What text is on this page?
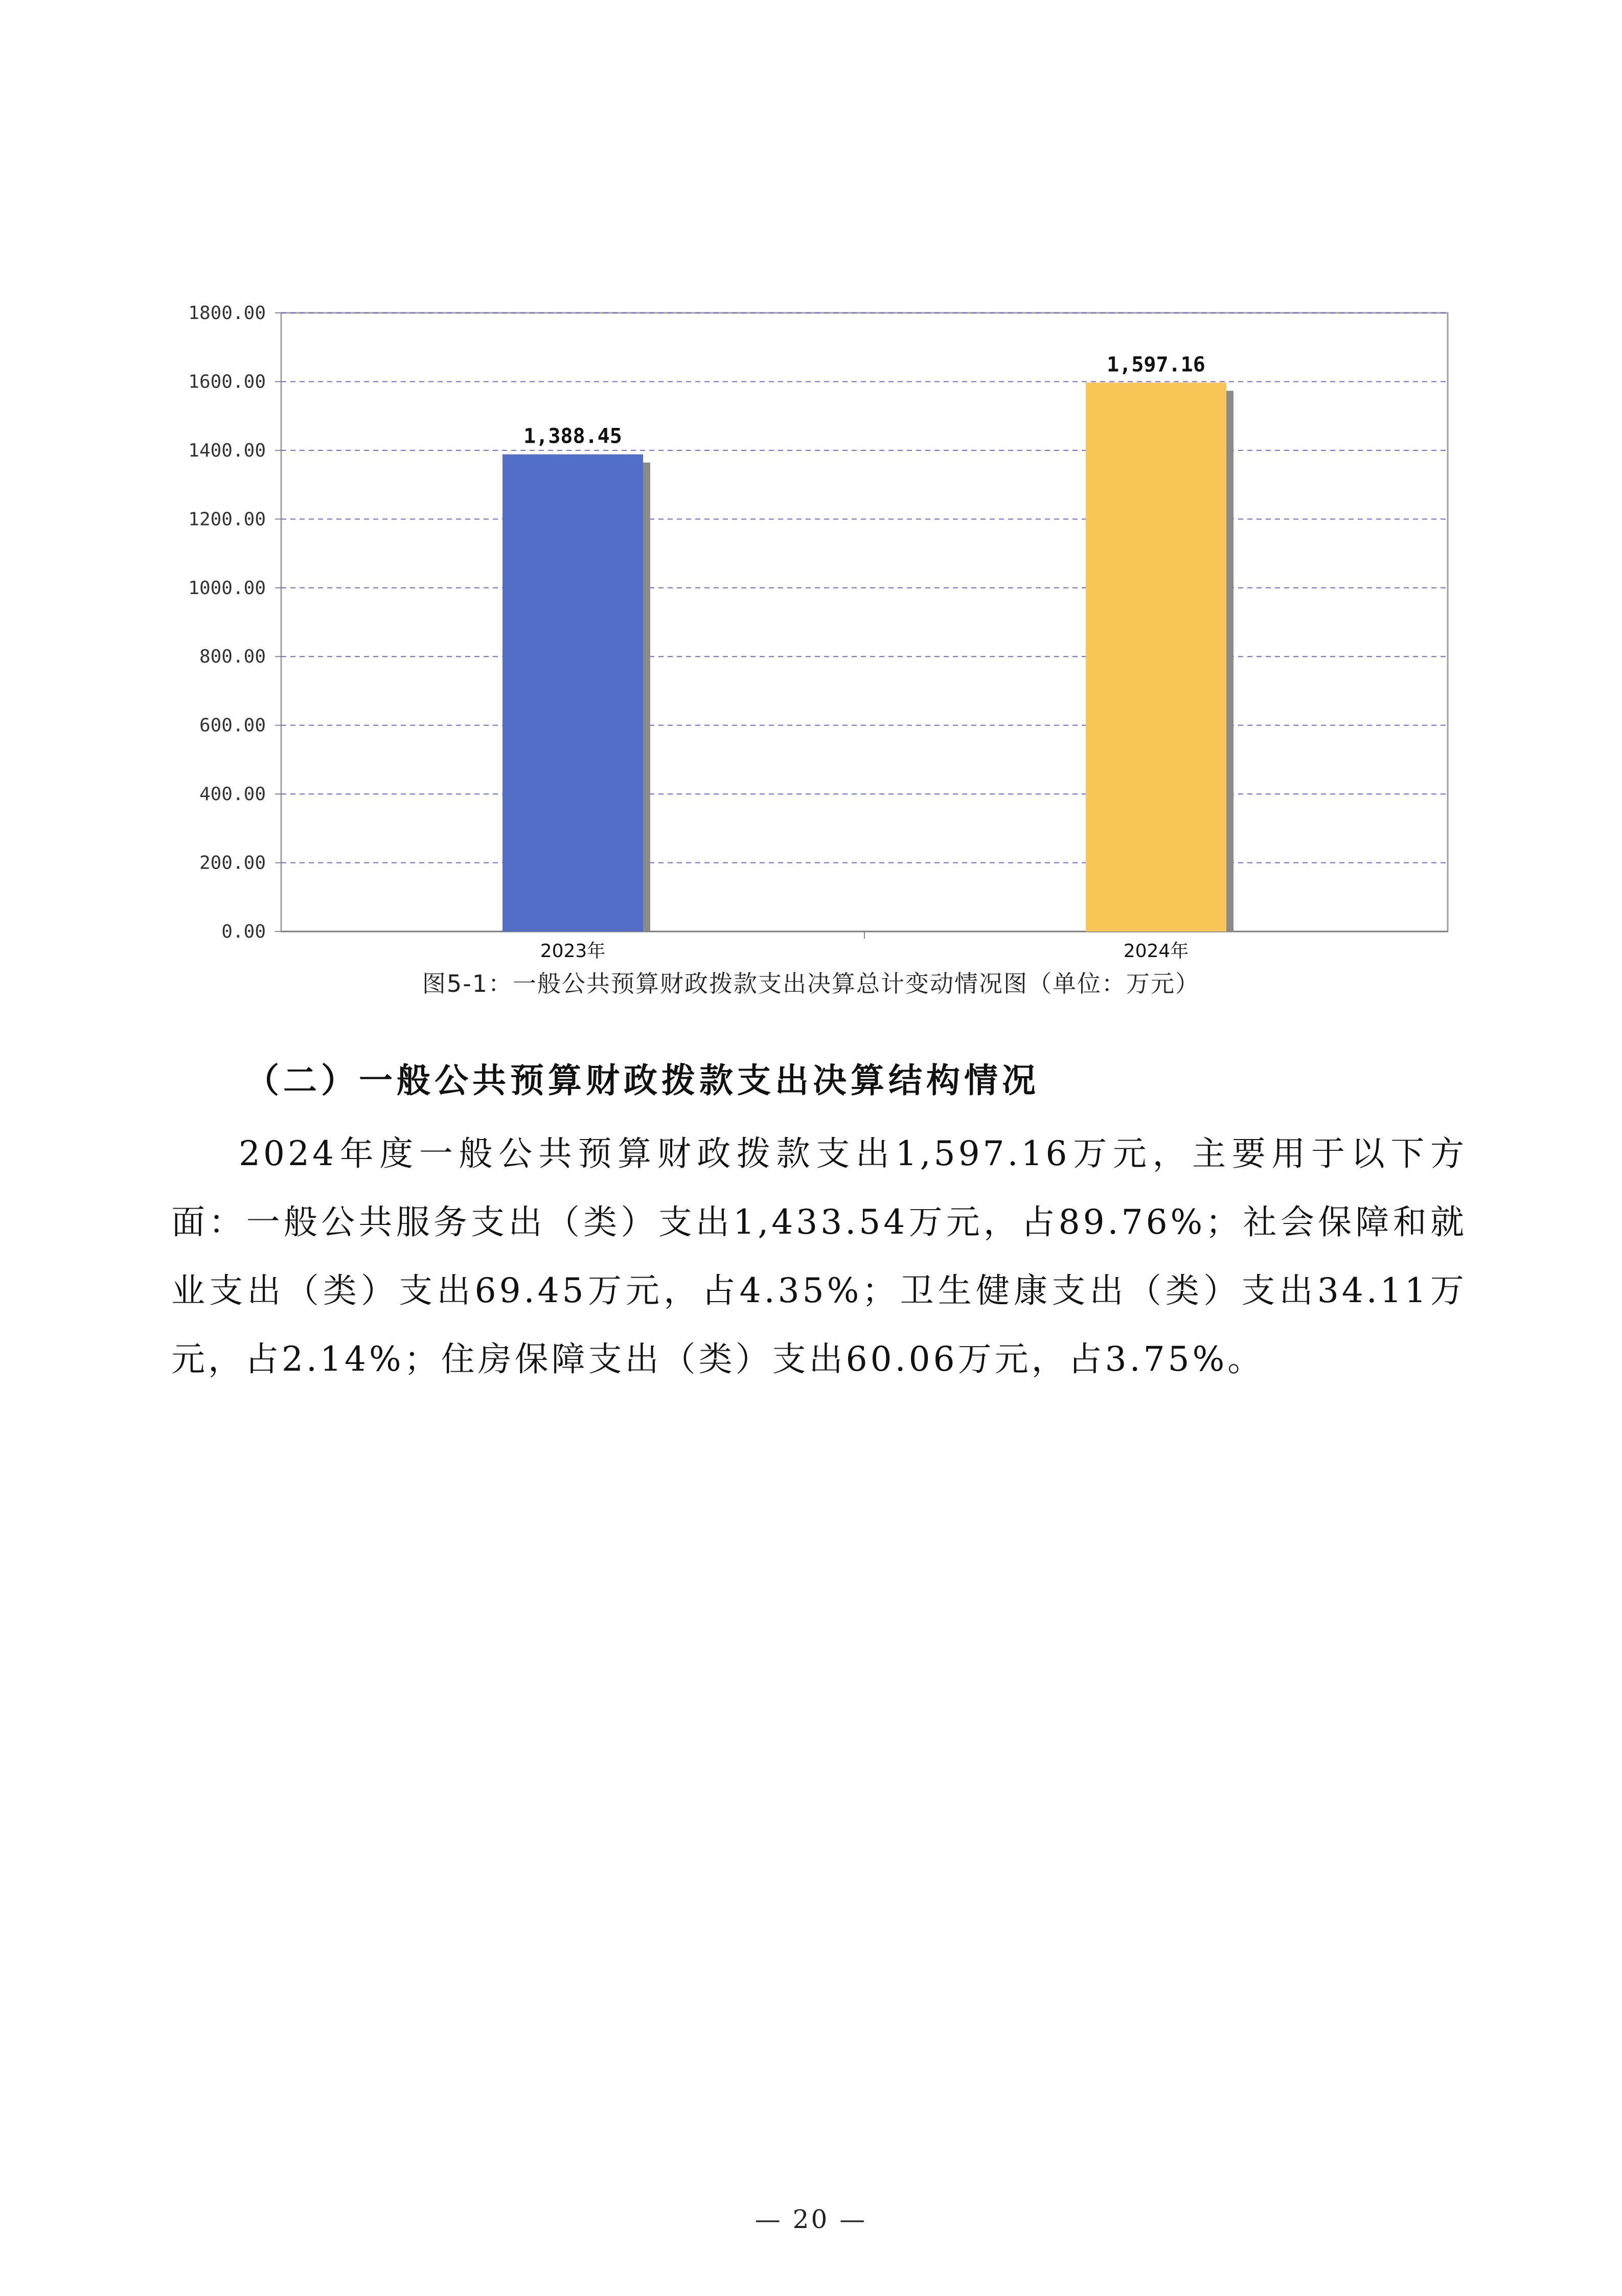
0.00
200.00
400.00
600.00
800.00
1000.00
1200.00
1400.00
1600.00
1800.00
1,388.45
2023年
1,597.16
2024年
图5-1：一般公共预算财政拨款支出决算总计变动情况图（单位：万元）
（二）一般公共预算财政拨款支出决算结构情况
2024年度一般公共预算财政拨款支出1,597.16万元，主要用于以下方面：一般公共服务支出（类）支出1,433.54万元，占89.76%；社会保障和就业支出（类）支出69.45万元，占4.35%；卫生健康支出（类）支出34.11万元，占2.14%；住房保障支出（类）支出60.06万元，占3.75%。
— 20 —
